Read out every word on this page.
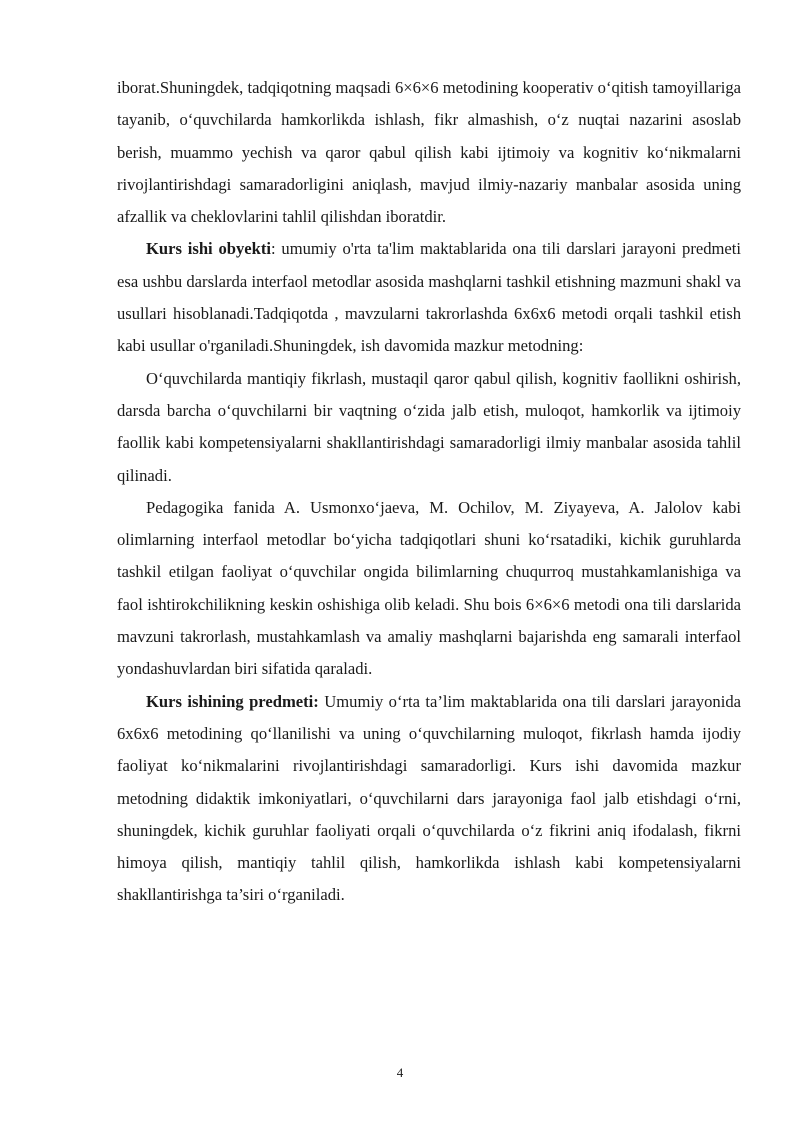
iborat.Shuningdek, tadqiqotning maqsadi 6×6×6 metodining kooperativ o‘qitish tamoyillariga tayanib, o‘quvchilarda hamkorlikda ishlash, fikr almashish, o‘z nuqtai nazarini asoslab berish, muammo yechish va qaror qabul qilish kabi ijtimoiy va kognitiv ko‘nikmalarni rivojlantirishdagi samaradorligini aniqlash, mavjud ilmiy-nazariy manbalar asosida uning afzallik va cheklovlarini tahlil qilishdan iboratdir.

Kurs ishi obyekti: umumiy o'rta ta'lim maktablarida ona tili darslari jarayoni predmeti esa ushbu darslarda interfaol metodlar asosida mashqlarni tashkil etishning mazmuni shakl va usullari hisoblanadi.Tadqiqotda , mavzularni takrorlashda 6x6x6 metodi orqali tashkil etish kabi usullar o'rganiladi.Shuningdek, ish davomida mazkur metodning:

O‘quvchilarda mantiqiy fikrlash, mustaqil qaror qabul qilish, kognitiv faollikni oshirish, darsda barcha o‘quvchilarni bir vaqtning o‘zida jalb etish, muloqot, hamkorlik va ijtimoiy faollik kabi kompetensiyalarni shakllantirishdagi samaradorligi ilmiy manbalar asosida tahlil qilinadi.

Pedagogika fanida A. Usmonxo‘jaeva, M. Ochilov, M. Ziyayeva, A. Jalolov kabi olimlarning interfaol metodlar bo‘yicha tadqiqotlari shuni ko‘rsatadiki, kichik guruhlarda tashkil etilgan faoliyat o‘quvchilar ongida bilimlarning chuqurroq mustahkamlanishiga va faol ishtirokchilikning keskin oshishiga olib keladi. Shu bois 6×6×6 metodi ona tili darslarida mavzuni takrorlash, mustahkamlash va amaliy mashqlarni bajarishda eng samarali interfaol yondashuvlardan biri sifatida qaraladi.

Kurs ishining predmeti: Umumiy o‘rta ta’lim maktablarida ona tili darslari jarayonida 6x6x6 metodining qo‘llanilishi va uning o‘quvchilarning muloqot, fikrlash hamda ijodiy faoliyat ko‘nikmalarini rivojlantirishdagi samaradorligi. Kurs ishi davomida mazkur metodning didaktik imkoniyatlari, o‘quvchilarni dars jarayoniga faol jalb etishdagi o‘rni, shuningdek, kichik guruhlar faoliyati orqali o‘quvchilarda o‘z fikrini aniq ifodalash, fikrni himoya qilish, mantiqiy tahlil qilish, hamkorlikda ishlash kabi kompetensiyalarni shakllantirishga ta’siri o‘rganiladi.

4
